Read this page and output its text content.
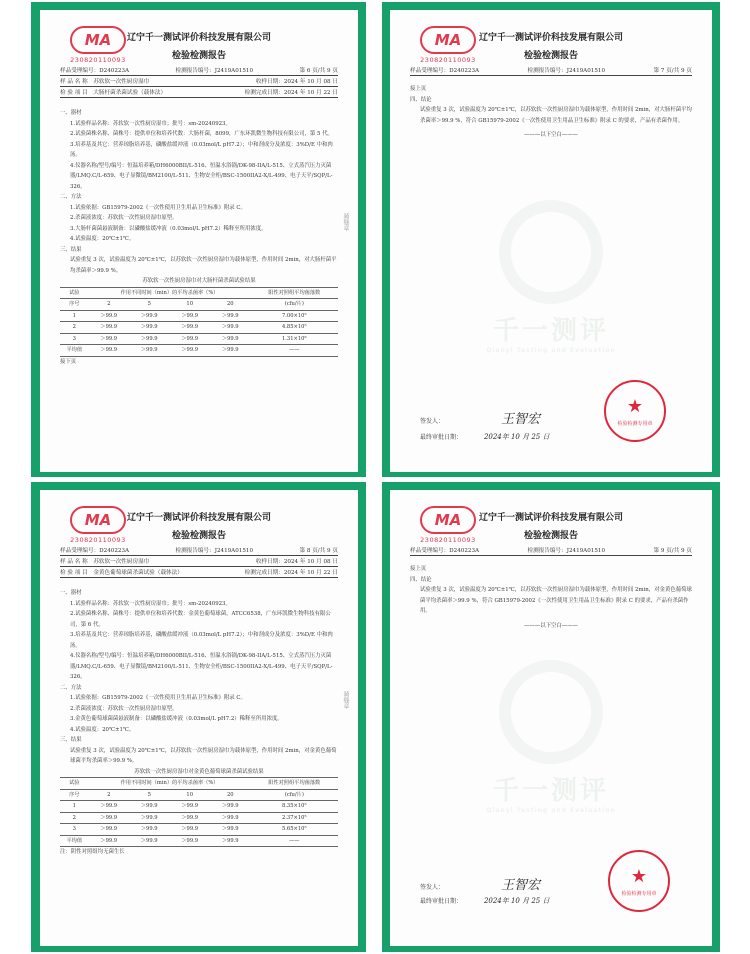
MA
230820110093
辽宁千一测试评价科技发展有限公司
检验检测报告
样品受理编号：D240223A	检测报告编号：J2419A01510	第 6 页/共 9 页
样 品 名 称　 苏软软一次性厨房湿巾	收样日期：2024 年 10 月 08 日
检 验 项 目　 大肠杆菌杀菌试验（载体法）	检测完成日期：2024 年 10 月 22 日

一、器材

1.试验样品名称：苏软软一次性厨房湿巾；批号：sm-20240923。

2.试验菌株名称、菌株号：提供单位和培养代数：大肠杆菌，8099，广东环凯微生物科技有限公司，第 5 代。

3.培养基及其它：营养琼脂培养基，磷酸盐缓冲液（0.03mol/L pH7.2）；中和剂成分及浓度：3%D/E 中和肉汤。

4.仪器名称/型号/编号：恒温培养箱/DH6000BII/L-516、恒温水浴锅/DK-98-IIA/L-515、立式蒸汽压力灭菌器/LMQ.C/L-659、电子显微镜/BM2100/L-511、生物安全柜/BSC-1500IIA2-X/L-499、电子天平/SQP/L-326。

二、方法

1.试验依据：GB15979-2002《一次性使用卫生用品卫生标准》附录 C。

2.杀菌液浓度：苏软软一次性厨房湿巾原型。

3.大肠杆菌菌悬液制备：以磷酸盐缓冲液（0.03mol/L pH7.2）稀释至所用浓度。

4.试验温度：20℃±1℃。

三、结果

试验重复 3 次，试验温度为 20℃±1℃，以苏软软一次性厨房湿巾为载体原型，作用时间 2min，对大肠杆菌平均杀菌率＞99.9 %。

苏软软一次性厨房湿巾对大肠杆菌杀菌试验结果
试验	作用不同时间（min）的平均杀菌率（%）				阳性对照组平均菌落数
序号	2	5	10	20	(cfu/片)
1	＞99.9	＞99.9	＞99.9	＞99.9	7.00×10⁵
2	＞99.9	＞99.9	＞99.9	＞99.9	4.85×10⁵
3	＞99.9	＞99.9	＞99.9	＞99.9	1.31×10⁶
平均值	＞99.9	＞99.9	＞99.9	＞99.9	——

接下页

骑缝章
MA
230820110093
辽宁千一测试评价科技发展有限公司
检验检测报告
样品受理编号：D240223A	检测报告编号：J2419A01510	第 7 页/共 9 页
千一测评
Qianyi Testing and Evaluation

接上页

四、结论

试验重复 3 次，试验温度为 20℃±1℃，以苏软软一次性厨房湿巾为载体原型，作用时间 2min，对大肠杆菌平均杀菌率＞99.9 %，符合 GB15979-2002《一次性使用卫生用品卫生标准》附录 C 的要求，产品有杀菌作用。

———以下空白———
签发人：	王智宏
最终审批日期：	2024年 10 月 25 日
★
检验检测专用章
MA
230820110093
辽宁千一测试评价科技发展有限公司
检验检测报告
样品受理编号：D240223A	检测报告编号：J2419A01510	第 8 页/共 9 页
样 品 名 称　 苏软软一次性厨房湿巾	收样日期：2024 年 10 月 08 日
检 验 项 目　 金黄色葡萄球菌杀菌试验（载体法）	检测完成日期：2024 年 10 月 22 日

一、器材

1.试验样品名称：苏软软一次性厨房湿巾；批号：sm-20240923。

2.试验菌株名称、菌株号：提供单位和培养代数：金黄色葡萄球菌，ATCC6538，广东环凯微生物科技有限公司，第 6 代。

3.培养基及其它：营养琼脂培养基，磷酸盐缓冲液（0.03mol/L pH7.2）；中和剂成分及浓度：3%D/E 中和肉汤。

4.仪器名称/型号/编号：恒温培养箱/DH6000BII/L-516、恒温水浴锅/DK-98-IIA/L-515、立式蒸汽压力灭菌器/LMQ.C/L-659、电子显微镜/BM2100/L-511、生物安全柜/BSC-1500IIA2-X/L-499、电子天平/SQP/L-326。

二、方法

1.试验依据：GB15979-2002《一次性使用卫生用品卫生标准》附录 C。

2.杀菌液浓度：苏软软一次性厨房湿巾原型。

3.金黄色葡萄球菌菌悬液制备：以磷酸盐缓冲液（0.03mol/L pH7.2）稀释至所用浓度。

4.试验温度：20℃±1℃。

三、结果

试验重复 3 次，试验温度为 20℃±1℃，以苏软软一次性厨房湿巾为载体原型，作用时间 2min，对金黄色葡萄球菌平均杀菌率＞99.9 %。

苏软软一次性厨房湿巾对金黄色葡萄球菌杀菌试验结果
试验	作用不同时间（min）的平均杀菌率（%）				阳性对照组平均菌落数
序号	2	5	10	20	(cfu/片)
1	＞99.9	＞99.9	＞99.9	＞99.9	8.35×10⁵
2	＞99.9	＞99.9	＞99.9	＞99.9	2.37×10⁵
3	＞99.9	＞99.9	＞99.9	＞99.9	5.65×10⁵
平均值	＞99.9	＞99.9	＞99.9	＞99.9	——

注：阴性对照组均无菌生长

骑缝章
MA
230820110093
辽宁千一测试评价科技发展有限公司
检验检测报告
样品受理编号：D240223A	检测报告编号：J2419A01510	第 9 页/共 9 页
千一测评
Qianyi Testing and Evaluation

接上页

四、结论

试验重复 3 次，试验温度为 20℃±1℃，以苏软软一次性厨房湿巾为载体原型，作用时间 2min，对金黄色葡萄球菌平均杀菌率＞99.9 %，符合 GB15979-2002《一次性使用卫生用品卫生标准》附录 C 的要求，产品有杀菌作用。

———以下空白———
签发人：	王智宏
最终审批日期：	2024年 10 月 25 日
★
检验检测专用章
